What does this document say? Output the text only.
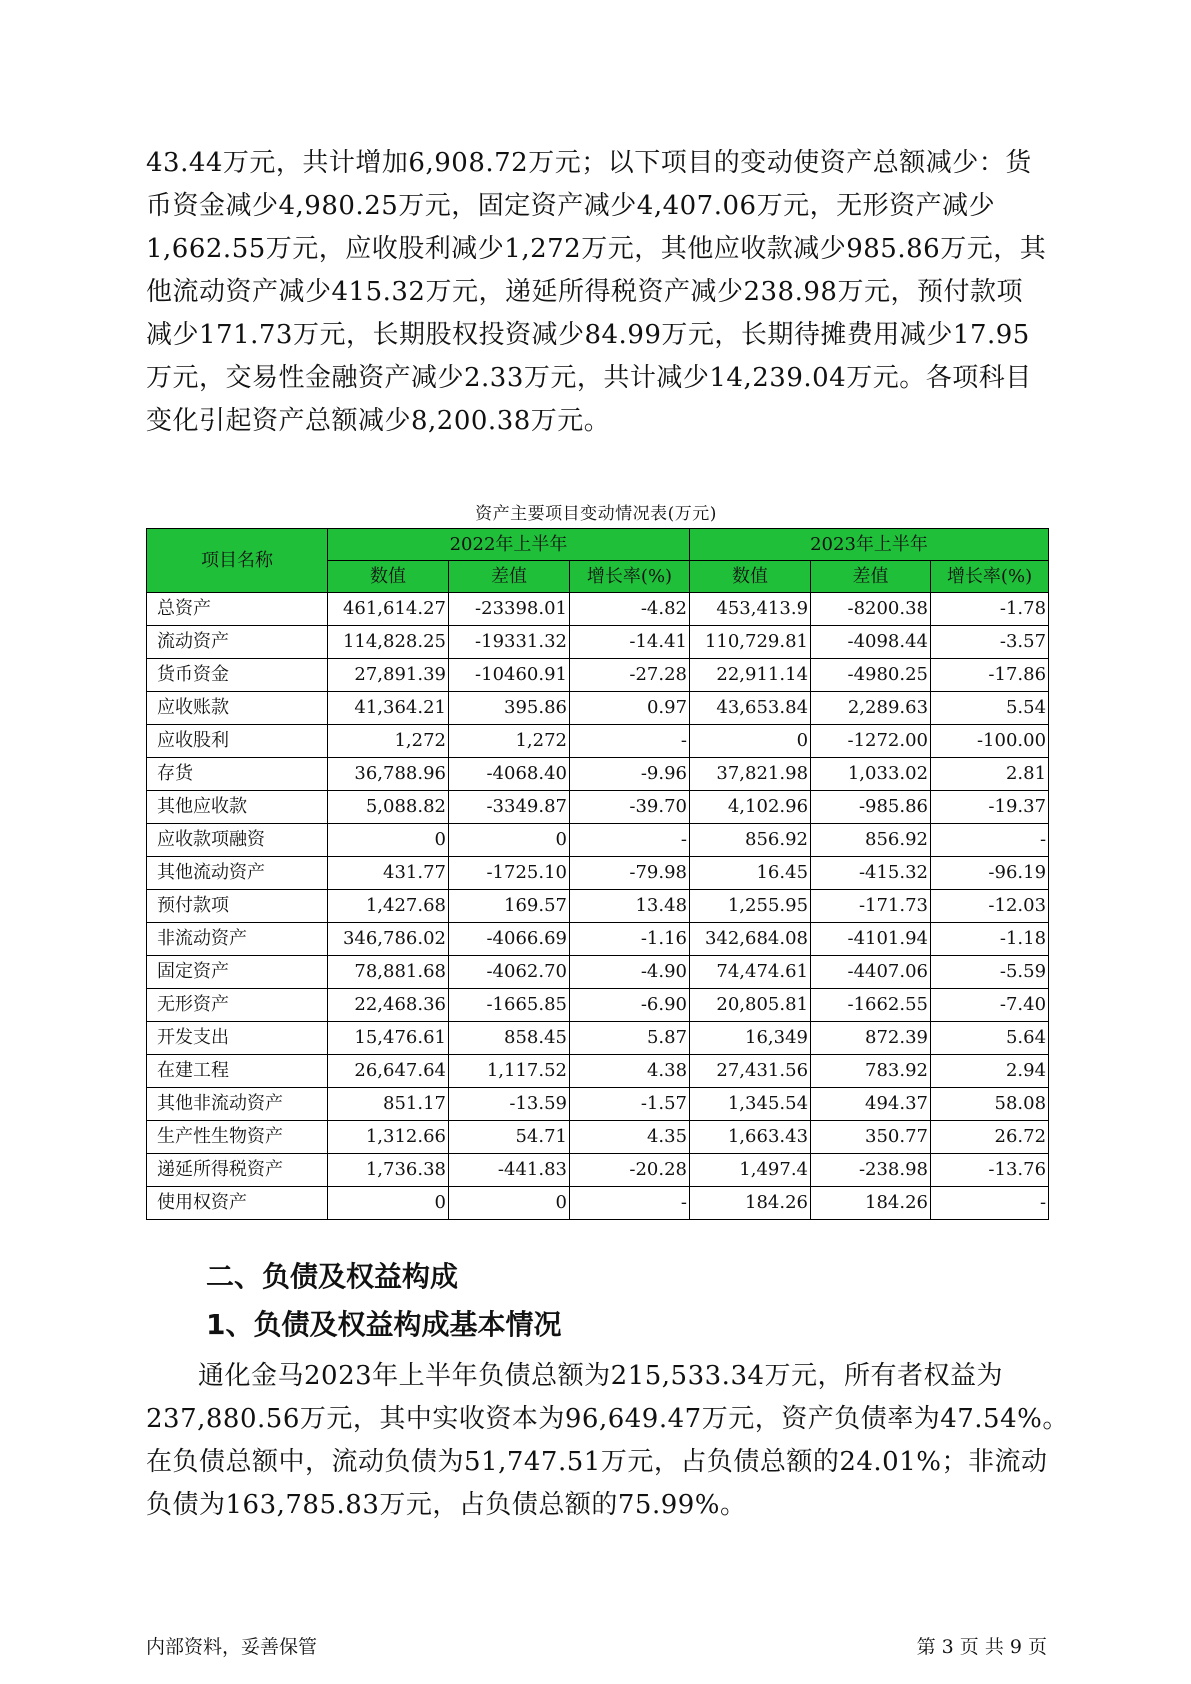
43.44万元，共计增加6,908.72万元；以下项目的变动使资产总额减少：货
币资金减少4,980.25万元，固定资产减少4,407.06万元，无形资产减少
1,662.55万元，应收股利减少1,272万元，其他应收款减少985.86万元，其
他流动资产减少415.32万元，递延所得税资产减少238.98万元，预付款项
减少171.73万元，长期股权投资减少84.99万元，长期待摊费用减少17.95
万元，交易性金融资产减少2.33万元，共计减少14,239.04万元。各项科目
变化引起资产总额减少8,200.38万元。
资产主要项目变动情况表(万元)
项目名称	2022年上半年			2023年上半年		
	数值	差值	增长率(%)	数值	差值	增长率(%)
总资产	461,614.27	-23398.01	-4.82	453,413.9	-8200.38	-1.78
流动资产	114,828.25	-19331.32	-14.41	110,729.81	-4098.44	-3.57
货币资金	27,891.39	-10460.91	-27.28	22,911.14	-4980.25	-17.86
应收账款	41,364.21	395.86	0.97	43,653.84	2,289.63	5.54
应收股利	1,272	1,272	-	0	-1272.00	-100.00
存货	36,788.96	-4068.40	-9.96	37,821.98	1,033.02	2.81
其他应收款	5,088.82	-3349.87	-39.70	4,102.96	-985.86	-19.37
应收款项融资	0	0	-	856.92	856.92	-
其他流动资产	431.77	-1725.10	-79.98	16.45	-415.32	-96.19
预付款项	1,427.68	169.57	13.48	1,255.95	-171.73	-12.03
非流动资产	346,786.02	-4066.69	-1.16	342,684.08	-4101.94	-1.18
固定资产	78,881.68	-4062.70	-4.90	74,474.61	-4407.06	-5.59
无形资产	22,468.36	-1665.85	-6.90	20,805.81	-1662.55	-7.40
开发支出	15,476.61	858.45	5.87	16,349	872.39	5.64
在建工程	26,647.64	1,117.52	4.38	27,431.56	783.92	2.94
其他非流动资产	851.17	-13.59	-1.57	1,345.54	494.37	58.08
生产性生物资产	1,312.66	54.71	4.35	1,663.43	350.77	26.72
递延所得税资产	1,736.38	-441.83	-20.28	1,497.4	-238.98	-13.76
使用权资产	0	0	-	184.26	184.26	-
二、负债及权益构成
1、负债及权益构成基本情况
通化金马2023年上半年负债总额为215,533.34万元，所有者权益为
237,880.56万元，其中实收资本为96,649.47万元，资产负债率为47.54%。
在负债总额中，流动负债为51,747.51万元，占负债总额的24.01%；非流动
负债为163,785.83万元，占负债总额的75.99%。
内部资料，妥善保管	第 3 页 共 9 页
